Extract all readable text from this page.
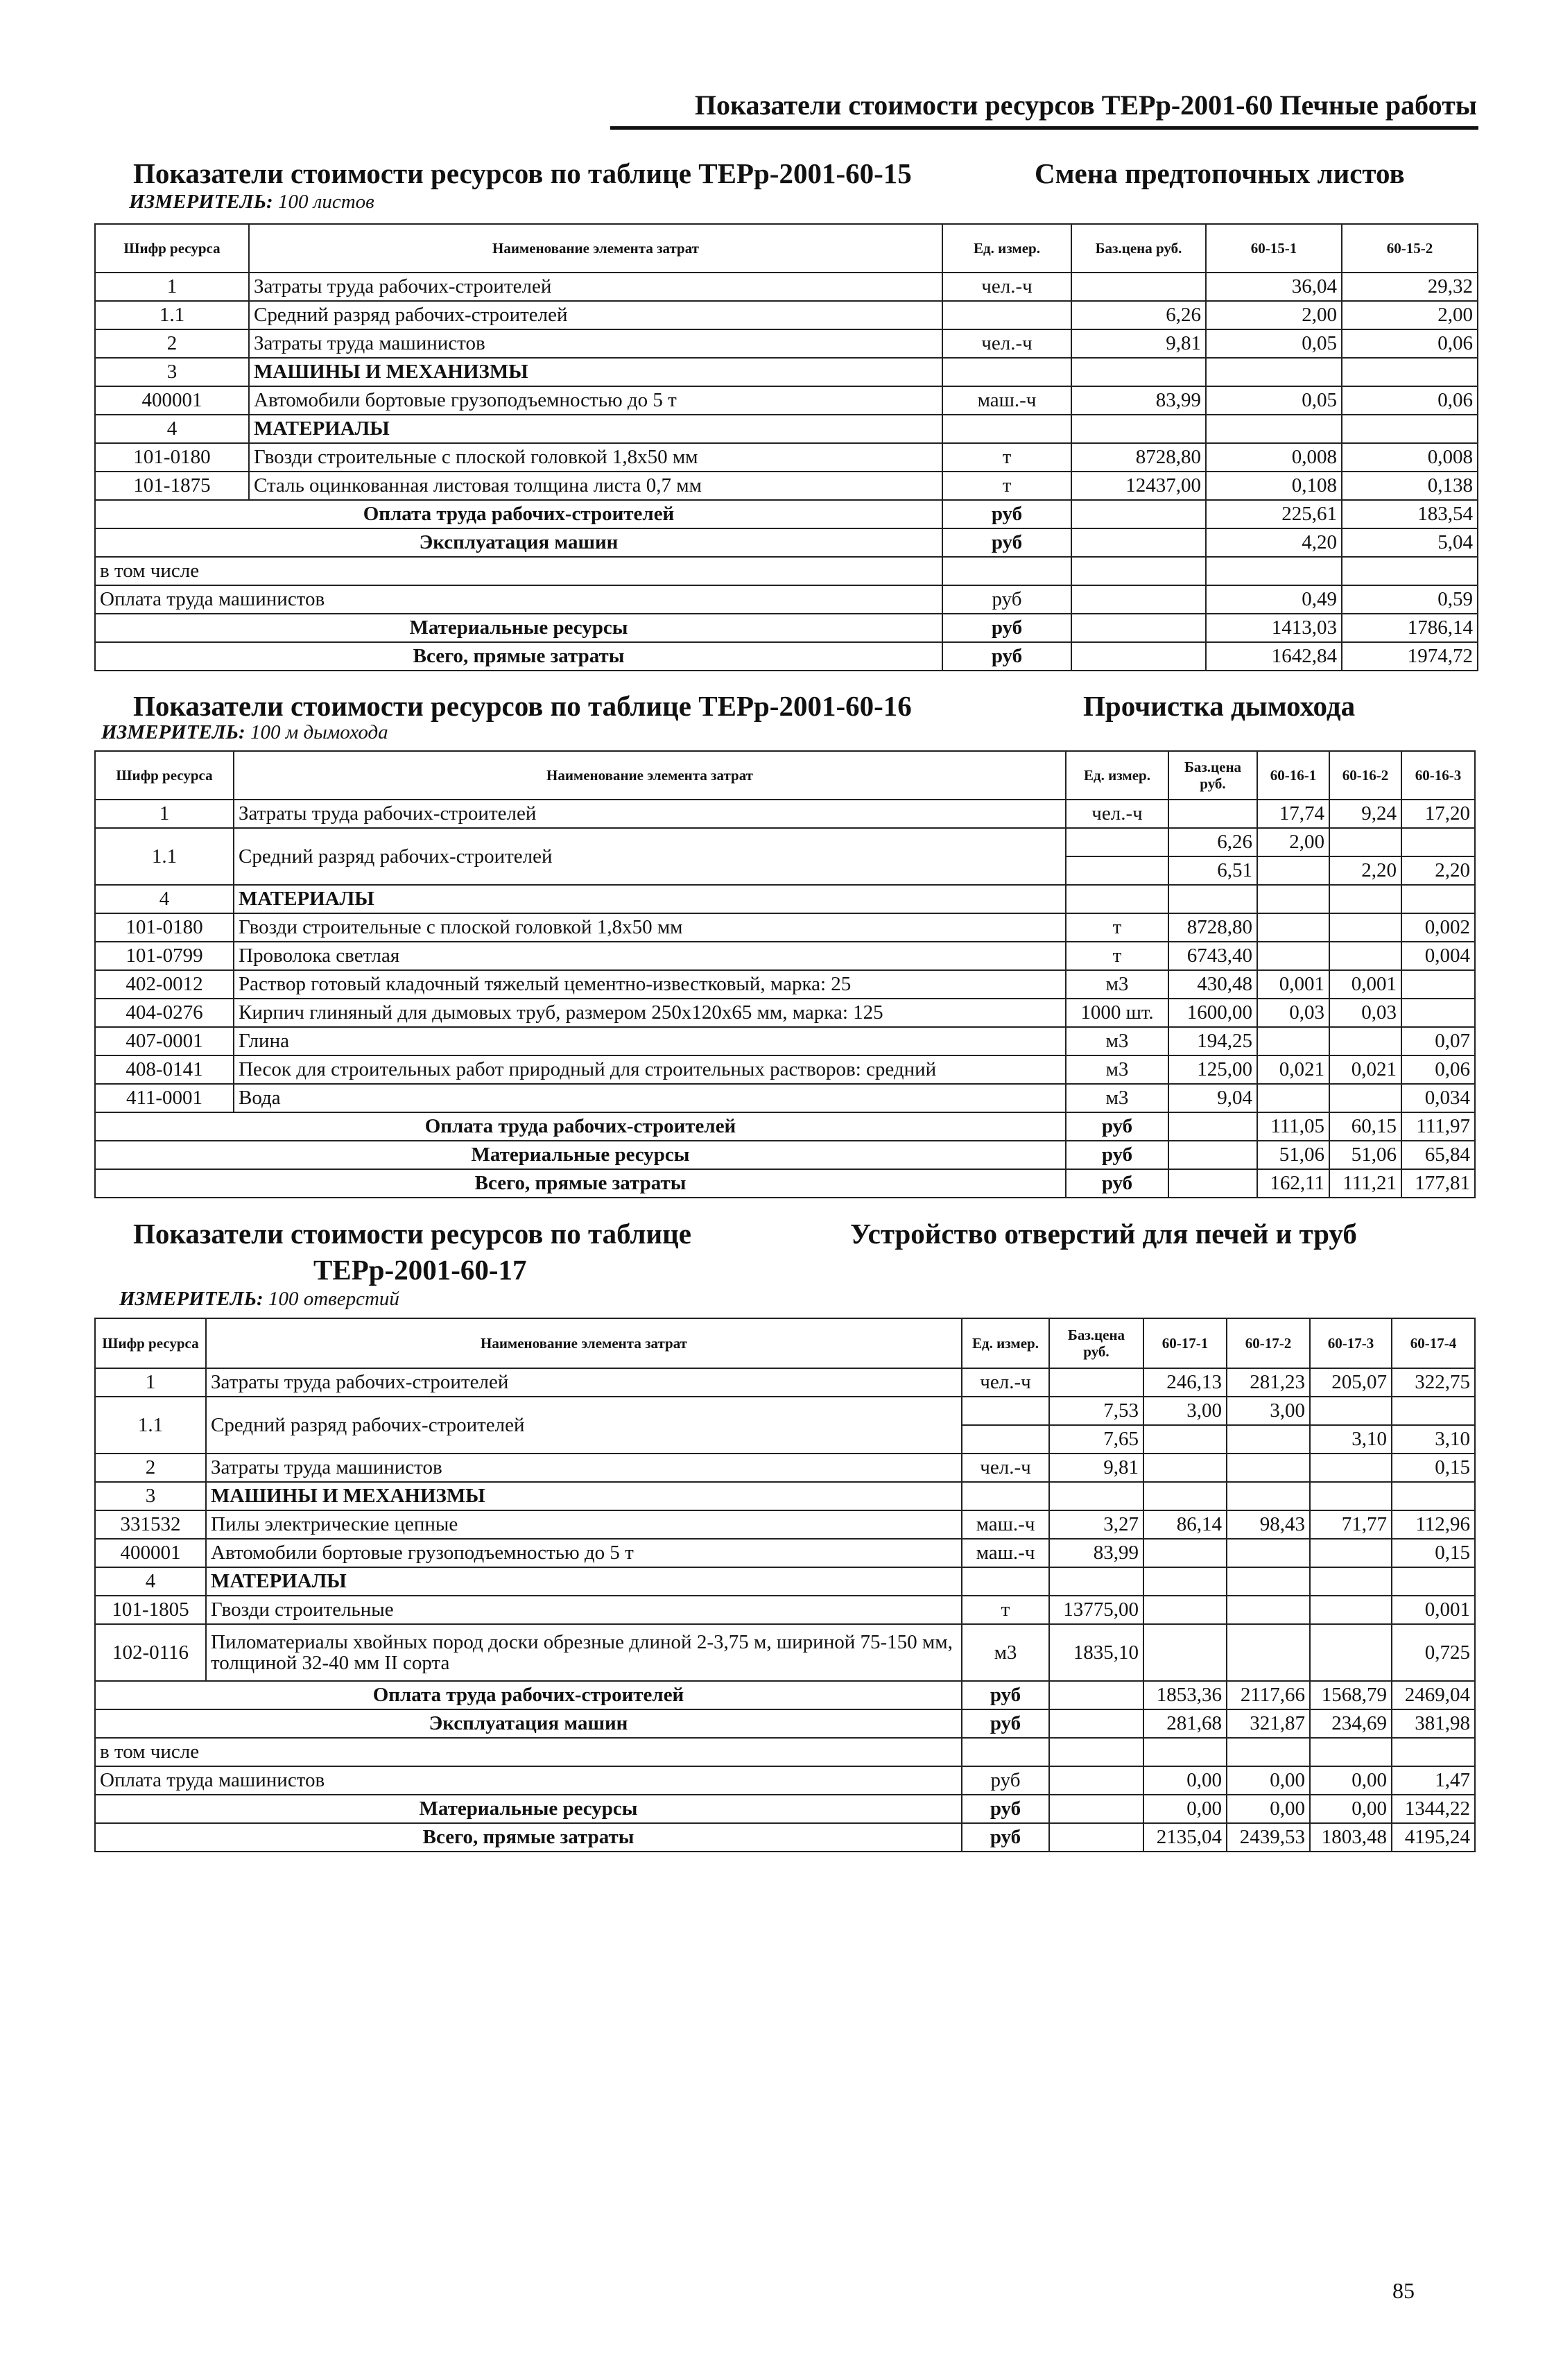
Показатели стоимости ресурсов ТЕРр-2001-60 Печные работы
Показатели стоимости ресурсов по таблице ТЕРр-2001-60-15	Смена предтопочных листов
ИЗМЕРИТЕЛЬ: 100 листов
Шифр ресурса	Наименование элемента затрат	Ед. измер.	Баз.цена руб.	60-15-1	60-15-2
1	Затраты труда рабочих-строителей	чел.-ч		36,04	29,32
1.1	Средний разряд рабочих-строителей		6,26	2,00	2,00
2	Затраты труда машинистов	чел.-ч	9,81	0,05	0,06
3	МАШИНЫ И МЕХАНИЗМЫ				
400001	Автомобили бортовые грузоподъемностью до 5 т	маш.-ч	83,99	0,05	0,06
4	МАТЕРИАЛЫ				
101-0180	Гвозди строительные с плоской головкой 1,8х50 мм	т	8728,80	0,008	0,008
101-1875	Сталь оцинкованная листовая толщина листа 0,7 мм	т	12437,00	0,108	0,138
Оплата труда рабочих-строителей		руб		225,61	183,54
Эксплуатация машин		руб		4,20	5,04
в том числе					
Оплата труда машинистов		руб		0,49	0,59
Материальные ресурсы		руб		1413,03	1786,14
Всего, прямые затраты		руб		1642,84	1974,72
Показатели стоимости ресурсов по таблице ТЕРр-2001-60-16	Прочистка дымохода
ИЗМЕРИТЕЛЬ: 100 м дымохода
Шифр ресурса	Наименование элемента затрат	Ед. измер.	Баз.цена руб.	60-16-1	60-16-2	60-16-3
1	Затраты труда рабочих-строителей	чел.-ч		17,74	9,24	17,20
1.1	Средний разряд рабочих-строителей		6,26	2,00		
			6,51		2,20	2,20
4	МАТЕРИАЛЫ					
101-0180	Гвозди строительные с плоской головкой 1,8х50 мм	т	8728,80			0,002
101-0799	Проволока светлая	т	6743,40			0,004
402-0012	Раствор готовый кладочный тяжелый цементно-известковый, марка: 25	м3	430,48	0,001	0,001	
404-0276	Кирпич глиняный для дымовых труб, размером 250х120х65 мм, марка: 125	1000 шт.	1600,00	0,03	0,03	
407-0001	Глина	м3	194,25			0,07
408-0141	Песок для строительных работ природный для строительных растворов: средний	м3	125,00	0,021	0,021	0,06
411-0001	Вода	м3	9,04			0,034
Оплата труда рабочих-строителей		руб		111,05	60,15	111,97
Материальные ресурсы		руб		51,06	51,06	65,84
Всего, прямые затраты		руб		162,11	111,21	177,81
Показатели стоимости ресурсов по таблице
ТЕРр-2001-60-17
Устройство отверстий для печей и труб
ИЗМЕРИТЕЛЬ: 100 отверстий
Шифр ресурса	Наименование элемента затрат	Ед. измер.	Баз.цена руб.	60-17-1	60-17-2	60-17-3	60-17-4
1	Затраты труда рабочих-строителей	чел.-ч		246,13	281,23	205,07	322,75
1.1	Средний разряд рабочих-строителей		7,53	3,00	3,00		
			7,65			3,10	3,10
2	Затраты труда машинистов	чел.-ч	9,81				0,15
3	МАШИНЫ И МЕХАНИЗМЫ						
331532	Пилы электрические цепные	маш.-ч	3,27	86,14	98,43	71,77	112,96
400001	Автомобили бортовые грузоподъемностью до 5 т	маш.-ч	83,99				0,15
4	МАТЕРИАЛЫ						
101-1805	Гвозди строительные	т	13775,00				0,001
102-0116	Пиломатериалы хвойных пород доски обрезные длиной 2-3,75 м, шириной 75-150 мм, толщиной 32-40 мм II сорта	м3	1835,10				0,725
Оплата труда рабочих-строителей		руб		1853,36	2117,66	1568,79	2469,04
Эксплуатация машин		руб		281,68	321,87	234,69	381,98
в том числе							
Оплата труда машинистов		руб		0,00	0,00	0,00	1,47
Материальные ресурсы		руб		0,00	0,00	0,00	1344,22
Всего, прямые затраты		руб		2135,04	2439,53	1803,48	4195,24
85
